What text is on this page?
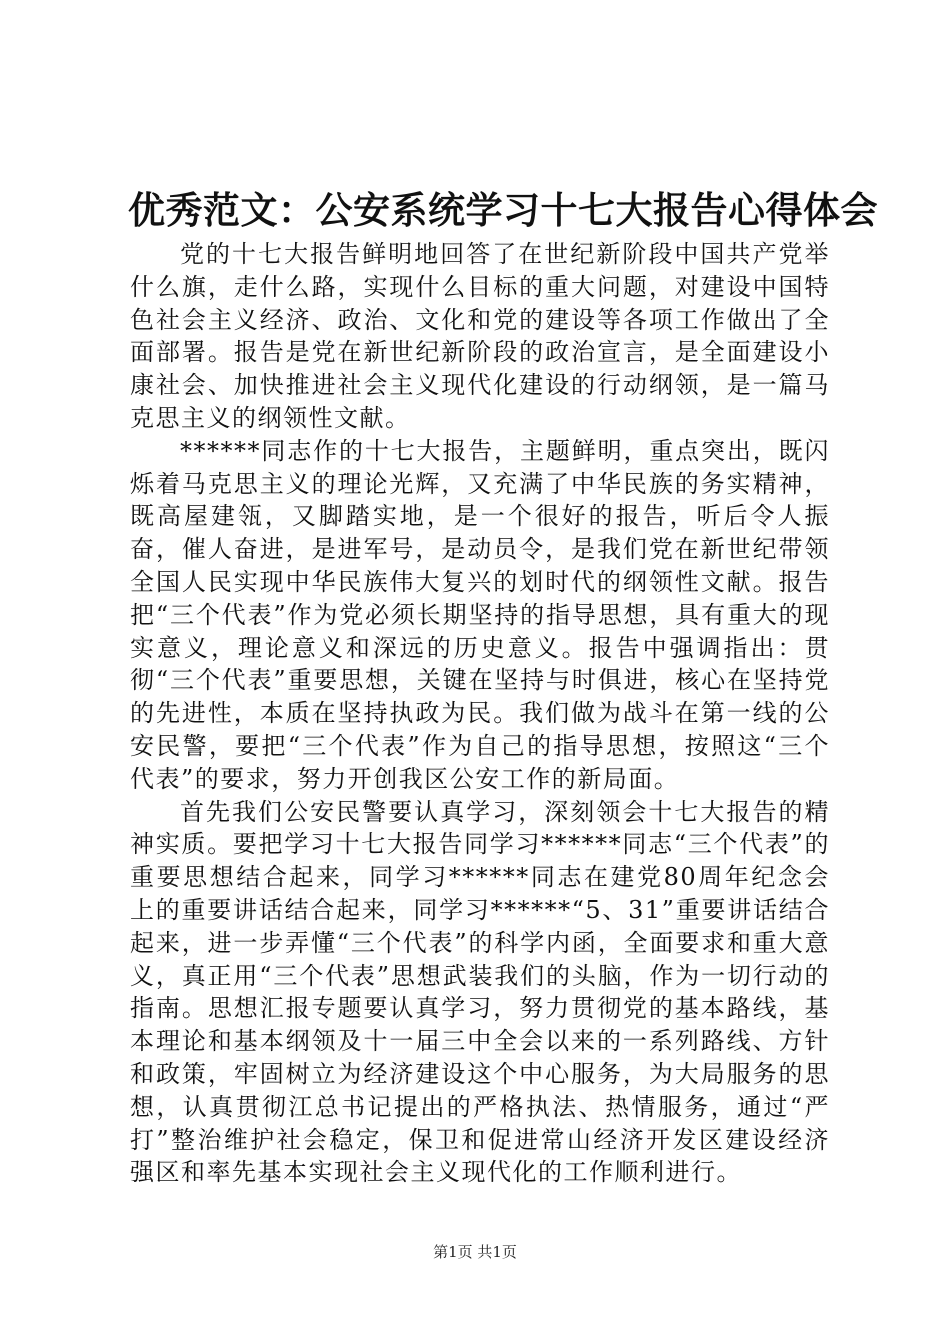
优秀范文：公安系统学习十七大报告心得体会

党的十七大报告鲜明地回答了在世纪新阶段中国共产党举什么旗，走什么路，实现什么目标的重大问题，对建设中国特色社会主义经济、政治、文化和党的建设等各项工作做出了全面部署。报告是党在新世纪新阶段的政治宣言，是全面建设小康社会、加快推进社会主义现代化建设的行动纲领，是一篇马克思主义的纲领性文献。

******同志作的十七大报告，主题鲜明，重点突出，既闪烁着马克思主义的理论光辉，又充满了中华民族的务实精神，既高屋建瓴，又脚踏实地，是一个很好的报告，听后令人振奋，催人奋进，是进军号，是动员令，是我们党在新世纪带领全国人民实现中华民族伟大复兴的划时代的纲领性文献。报告把“三个代表”作为党必须长期坚持的指导思想，具有重大的现实意义，理论意义和深远的历史意义。报告中强调指出：贯彻“三个代表”重要思想，关键在坚持与时俱进，核心在坚持党的先进性，本质在坚持执政为民。我们做为战斗在第一线的公安民警，要把“三个代表”作为自己的指导思想，按照这“三个代表”的要求，努力开创我区公安工作的新局面。

首先我们公安民警要认真学习，深刻领会十七大报告的精神实质。要把学习十七大报告同学习******同志“三个代表”的重要思想结合起来，同学习******同志在建党80周年纪念会上的重要讲话结合起来，同学习******“5、31”重要讲话结合起来，进一步弄懂“三个代表”的科学内函，全面要求和重大意义，真正用“三个代表”思想武装我们的头脑，作为一切行动的指南。思想汇报专题要认真学习，努力贯彻党的基本路线，基本理论和基本纲领及十一届三中全会以来的一系列路线、方针和政策，牢固树立为经济建设这个中心服务，为大局服务的思想，认真贯彻江总书记提出的严格执法、热情服务，通过“严打”整治维护社会稳定，保卫和促进常山经济开发区建设经济强区和率先基本实现社会主义现代化的工作顺利进行。

第1页 共1页
